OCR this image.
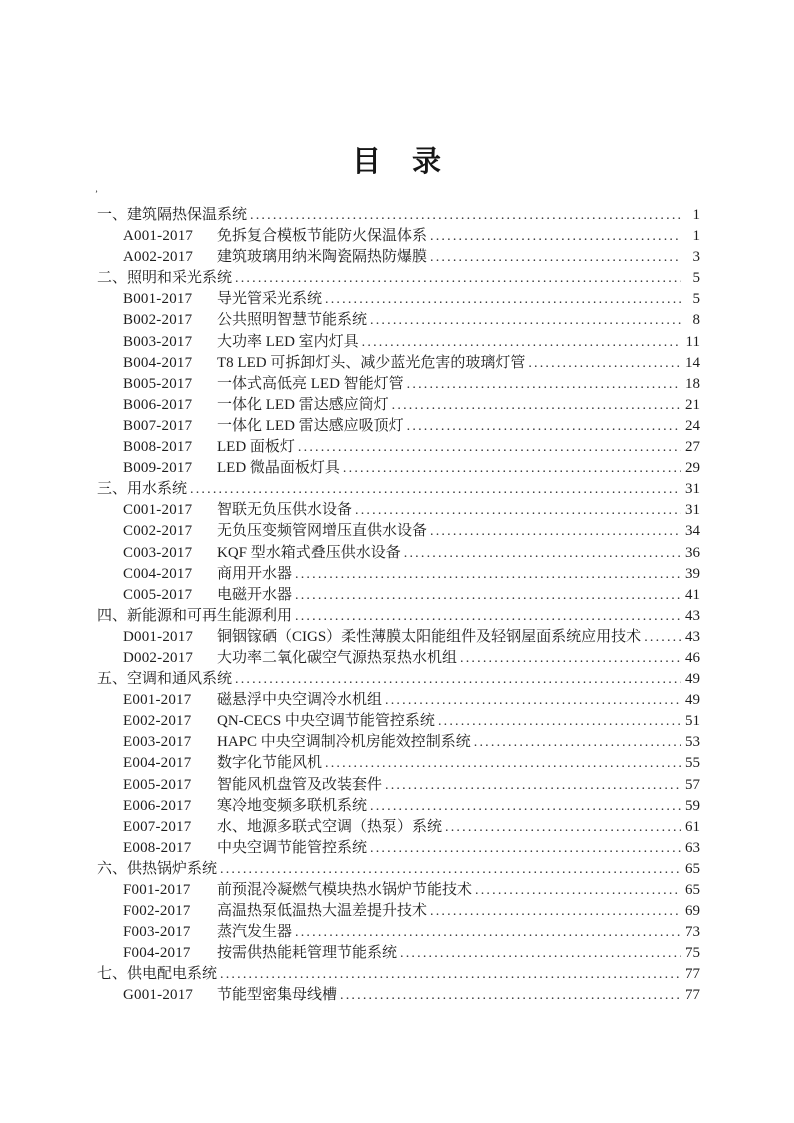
’
目　录
一、建筑隔热保温系统 .....	1
A001-2017 免拆复合模板节能防火保温体系 .....	1
A002-2017 建筑玻璃用纳米陶瓷隔热防爆膜 .....	3
二、照明和采光系统 .....	5
B001-2017 导光管采光系统 .....	5
B002-2017 公共照明智慧节能系统 .....	8
B003-2017 大功率 LED 室内灯具 .....	11
B004-2017 T8 LED 可拆卸灯头、减少蓝光危害的玻璃灯管 .....	14
B005-2017 一体式高低亮 LED 智能灯管 .....	18
B006-2017 一体化 LED 雷达感应筒灯 .....	21
B007-2017 一体化 LED 雷达感应吸顶灯 .....	24
B008-2017 LED 面板灯 .....	27
B009-2017 LED 微晶面板灯具 .....	29
三、用水系统 .....	31
C001-2017 智联无负压供水设备 .....	31
C002-2017 无负压变频管网增压直供水设备 .....	34
C003-2017 KQF 型水箱式叠压供水设备 .....	36
C004-2017 商用开水器 .....	39
C005-2017 电磁开水器 .....	41
四、新能源和可再生能源利用 .....	43
D001-2017 铜铟镓硒（CIGS）柔性薄膜太阳能组件及轻钢屋面系统应用技术 .....	43
D002-2017 大功率二氧化碳空气源热泵热水机组 .....	46
五、空调和通风系统 .....	49
E001-2017 磁悬浮中央空调冷水机组 .....	49
E002-2017 QN-CECS 中央空调节能管控系统 .....	51
E003-2017 HAPC 中央空调制冷机房能效控制系统 .....	53
E004-2017 数字化节能风机 .....	55
E005-2017 智能风机盘管及改装套件 .....	57
E006-2017 寒冷地变频多联机系统 .....	59
E007-2017 水、地源多联式空调（热泵）系统 .....	61
E008-2017 中央空调节能管控系统 .....	63
六、供热锅炉系统 .....	65
F001-2017 前预混冷凝燃气模块热水锅炉节能技术 .....	65
F002-2017 高温热泵低温热大温差提升技术 .....	69
F003-2017 蒸汽发生器 .....	73
F004-2017 按需供热能耗管理节能系统 .....	75
七、供电配电系统 .....	77
G001-2017 节能型密集母线槽 .....	77
